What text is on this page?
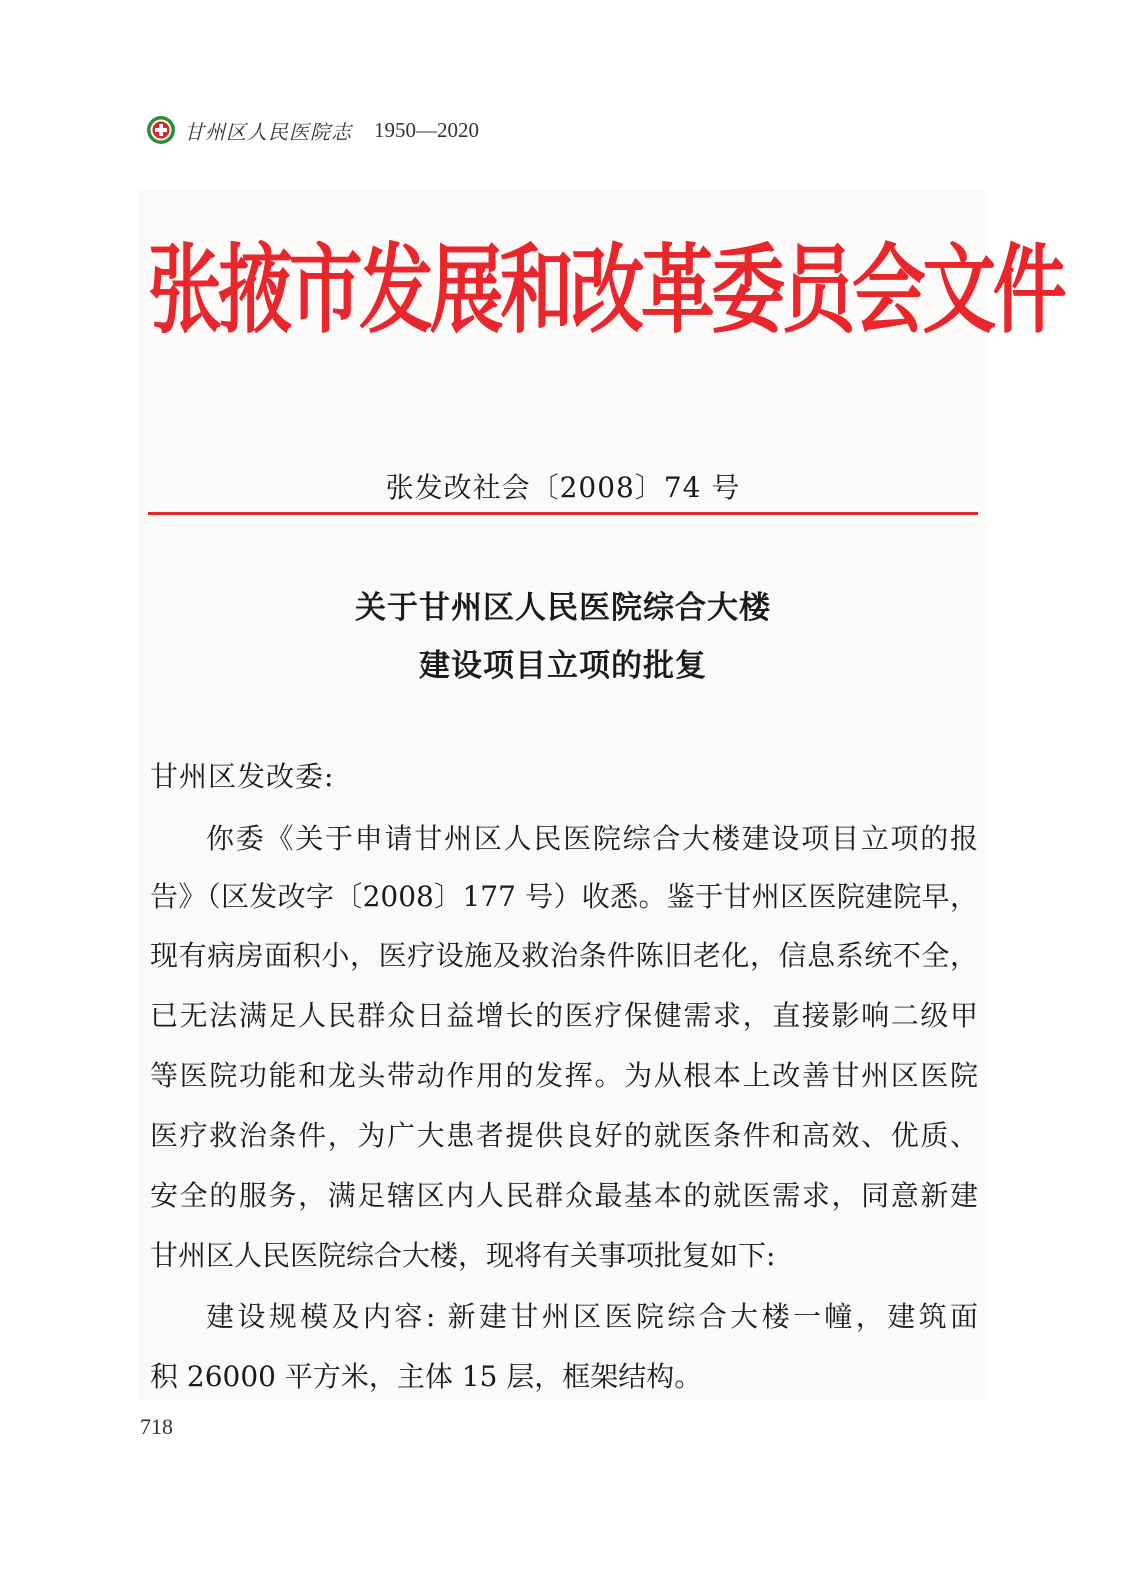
甘州区人民医院志 1950—2020
张掖市发展和改革委员会文件
张发改社会〔2008〕74 号
关于甘州区人民医院综合大楼
建设项目立项的批复
甘州区发改委:
你委《关于申请甘州区人民医院综合大楼建设项目立项的报
告》（区发改字〔2008〕177 号）收悉。鉴于甘州区医院建院早，
现有病房面积小，医疗设施及救治条件陈旧老化，信息系统不全，
已无法满足人民群众日益增长的医疗保健需求，直接影响二级甲
等医院功能和龙头带动作用的发挥。为从根本上改善甘州区医院
医疗救治条件，为广大患者提供良好的就医条件和高效、优质、
安全的服务，满足辖区内人民群众最基本的就医需求，同意新建
甘州区人民医院综合大楼，现将有关事项批复如下:
建设规模及内容: 新建甘州区医院综合大楼一幢，建筑面
积 26000 平方米，主体 15 层，框架结构。
718
